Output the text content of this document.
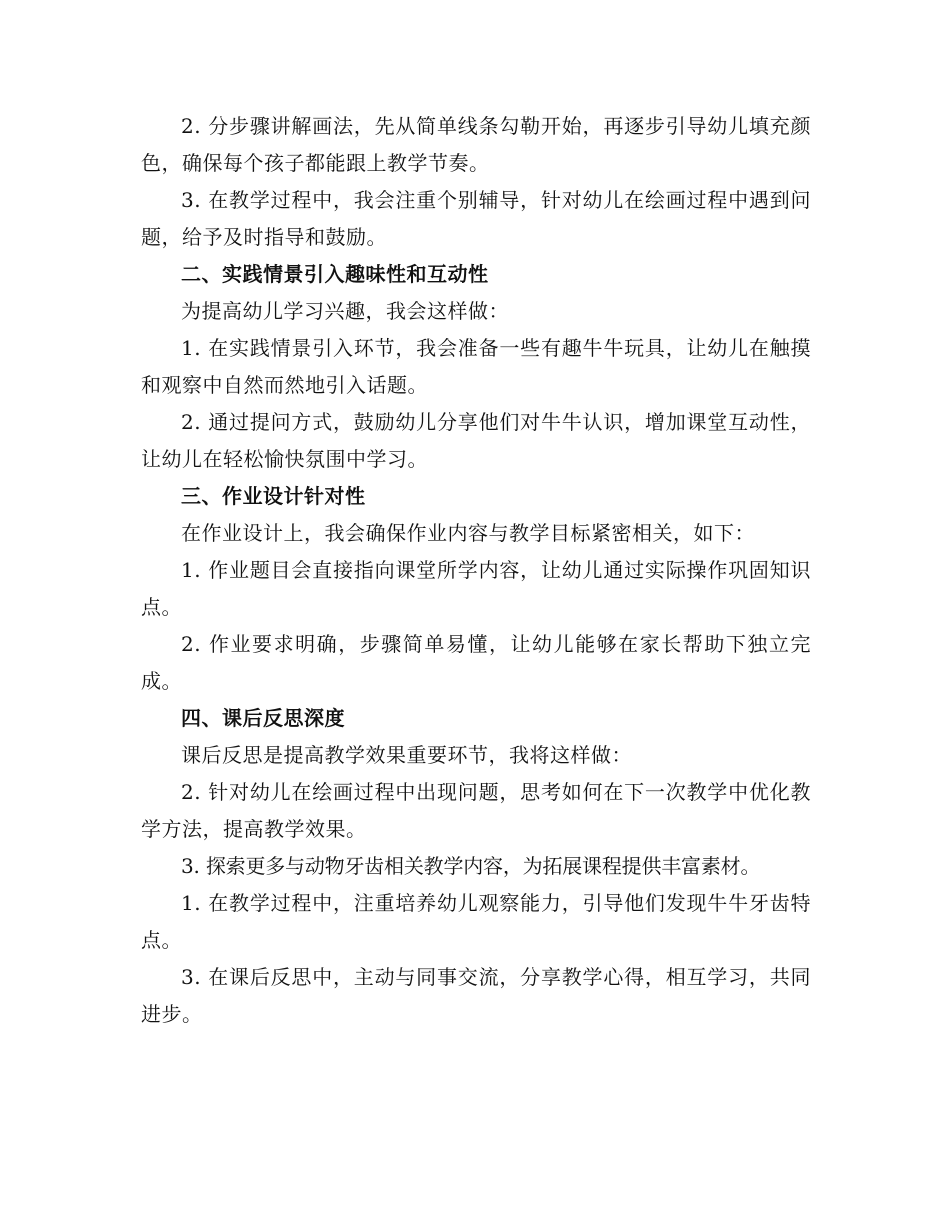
2. 分步骤讲解画法，先从简单线条勾勒开始，再逐步引导幼儿填充颜色，确保每个孩子都能跟上教学节奏。

3. 在教学过程中，我会注重个别辅导，针对幼儿在绘画过程中遇到问题，给予及时指导和鼓励。

二、实践情景引入趣味性和互动性

为提高幼儿学习兴趣，我会这样做：

1. 在实践情景引入环节，我会准备一些有趣牛牛玩具，让幼儿在触摸和观察中自然而然地引入话题。

2. 通过提问方式，鼓励幼儿分享他们对牛牛认识，增加课堂互动性，让幼儿在轻松愉快氛围中学习。

三、作业设计针对性

在作业设计上，我会确保作业内容与教学目标紧密相关，如下：

1. 作业题目会直接指向课堂所学内容，让幼儿通过实际操作巩固知识点。

2. 作业要求明确，步骤简单易懂，让幼儿能够在家长帮助下独立完成。

四、课后反思深度

课后反思是提高教学效果重要环节，我将这样做：

2. 针对幼儿在绘画过程中出现问题，思考如何在下一次教学中优化教学方法，提高教学效果。

3. 探索更多与动物牙齿相关教学内容，为拓展课程提供丰富素材。

1. 在教学过程中，注重培养幼儿观察能力，引导他们发现牛牛牙齿特点。

3. 在课后反思中，主动与同事交流，分享教学心得，相互学习，共同进步。
